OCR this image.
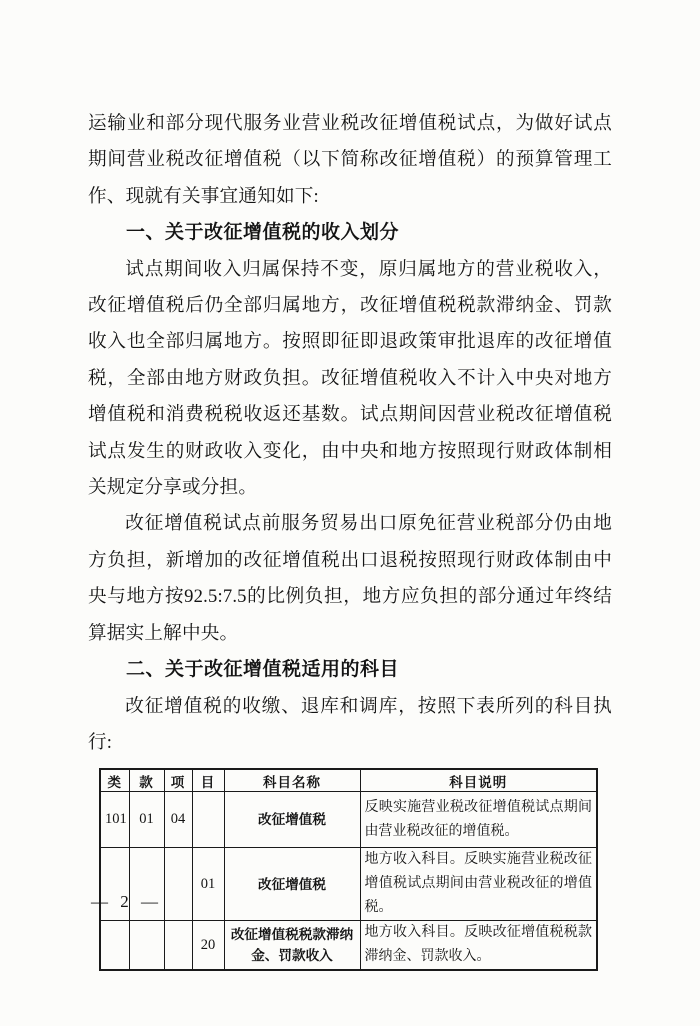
运输业和部分现代服务业营业税改征增值税试点，为做好试点期间营业税改征增值税（以下简称改征增值税）的预算管理工作、现就有关事宜通知如下:

一、关于改征增值税的收入划分

试点期间收入归属保持不变，原归属地方的营业税收入，改征增值税后仍全部归属地方，改征增值税税款滞纳金、罚款收入也全部归属地方。按照即征即退政策审批退库的改征增值税，全部由地方财政负担。改征增值税收入不计入中央对地方增值税和消费税税收返还基数。试点期间因营业税改征增值税试点发生的财政收入变化，由中央和地方按照现行财政体制相关规定分享或分担。

改征增值税试点前服务贸易出口原免征营业税部分仍由地方负担，新增加的改征增值税出口退税按照现行财政体制由中央与地方按92.5:7.5的比例负担，地方应负担的部分通过年终结算据实上解中央。

二、关于改征增值税适用的科目

改征增值税的收缴、退库和调库，按照下表所列的科目执行:

类	款	项	目	科目名称	科目说明
101	01	04		改征增值税	反映实施营业税改征增值税试点期间由营业税改征的增值税。
			01	改征增值税	地方收入科目。反映实施营业税改征增值税试点期间由营业税改征的增值税。
			20	改征增值税税款滞纳金、罚款收入	地方收入科目。反映改征增值税税款滞纳金、罚款收入。
— 2 —
